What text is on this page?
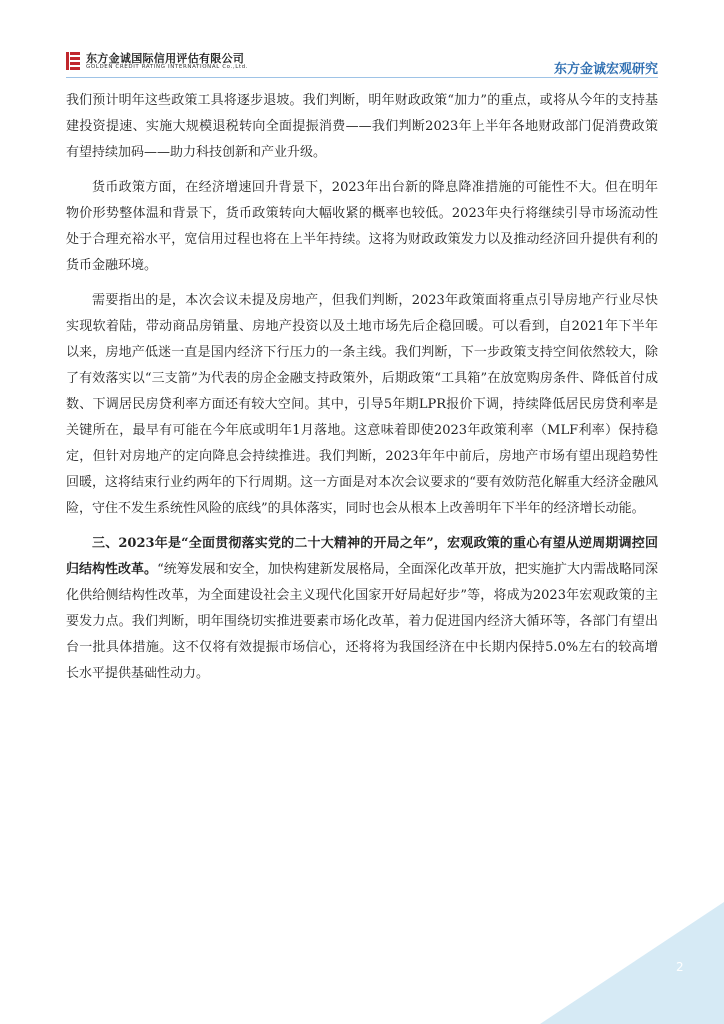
东方金诚国际信用评估有限公司
GOLDEN CREDIT RATING INTERNATIONAL Co.,Ltd.	东方金诚宏观研究

我们预计明年这些政策工具将逐步退坡。我们判断，明年财政政策“加力”的重点，或将从今年的支持基建投资提速、实施大规模退税转向全面提振消费——我们判断2023年上半年各地财政部门促消费政策有望持续加码——助力科技创新和产业升级。

货币政策方面，在经济增速回升背景下，2023年出台新的降息降准措施的可能性不大。但在明年物价形势整体温和背景下，货币政策转向大幅收紧的概率也较低。2023年央行将继续引导市场流动性处于合理充裕水平，宽信用过程也将在上半年持续。这将为财政政策发力以及推动经济回升提供有利的货币金融环境。

需要指出的是，本次会议未提及房地产，但我们判断，2023年政策面将重点引导房地产行业尽快实现软着陆，带动商品房销量、房地产投资以及土地市场先后企稳回暖。可以看到，自2021年下半年以来，房地产低迷一直是国内经济下行压力的一条主线。我们判断，下一步政策支持空间依然较大，除了有效落实以“三支箭”为代表的房企金融支持政策外，后期政策“工具箱”在放宽购房条件、降低首付成数、下调居民房贷利率方面还有较大空间。其中，引导5年期LPR报价下调，持续降低居民房贷利率是关键所在，最早有可能在今年底或明年1月落地。这意味着即使2023年政策利率（MLF利率）保持稳定，但针对房地产的定向降息会持续推进。我们判断，2023年年中前后，房地产市场有望出现趋势性回暖，这将结束行业约两年的下行周期。这一方面是对本次会议要求的“要有效防范化解重大经济金融风险，守住不发生系统性风险的底线”的具体落实，同时也会从根本上改善明年下半年的经济增长动能。

三、2023年是“全面贯彻落实党的二十大精神的开局之年”，宏观政策的重心有望从逆周期调控回归结构性改革。“统筹发展和安全，加快构建新发展格局，全面深化改革开放，把实施扩大内需战略同深化供给侧结构性改革，为全面建设社会主义现代化国家开好局起好步”等，将成为2023年宏观政策的主要发力点。我们判断，明年围绕切实推进要素市场化改革，着力促进国内经济大循环等，各部门有望出台一批具体措施。这不仅将有效提振市场信心，还将将为我国经济在中长期内保持5.0%左右的较高增长水平提供基础性动力。

2
